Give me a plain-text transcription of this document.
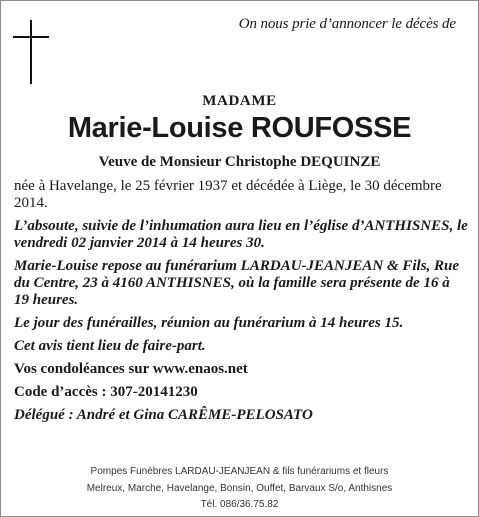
On nous prie d’annoncer le décès de
MADAME
Marie-Louise ROUFOSSE
Veuve de Monsieur Christophe DEQUINZE

née à Havelange, le 25 février 1937 et décédée à Liège, le 30 décembre 2014.

L’absoute, suivie de l’inhumation aura lieu en l’église d’ANTHISNES, le vendredi 02 janvier 2014 à 14 heures 30.

Marie-Louise repose au funérarium LARDAU-JEANJEAN & Fils, Rue du Centre, 23 à 4160 ANTHISNES, où la famille sera présente de 16 à 19 heures.

Le jour des funérailles, réunion au funérarium à 14 heures 15.

Cet avis tient lieu de faire-part.

Vos condoléances sur www.enaos.net

Code d’accès : 307-20141230

Délégué : André et Gina CARÊME-PELOSATO

Pompes Funèbres LARDAU-JEANJEAN & fils funérariums et fleurs
Melreux, Marche, Havelange, Bonsin, Ouffet, Barvaux S/o, Anthisnes
Tél. 086/36.75.82
